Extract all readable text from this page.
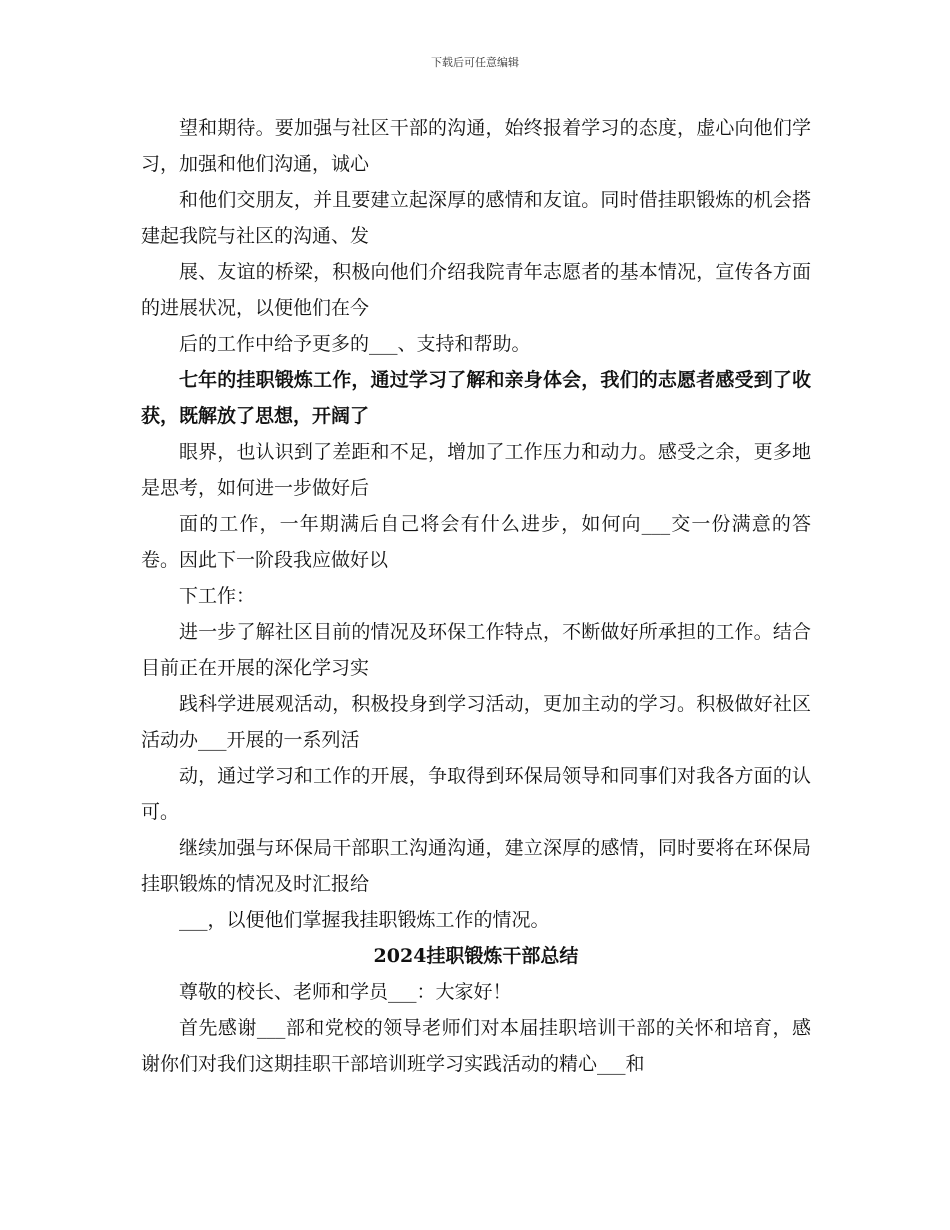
下载后可任意编辑

望和期待。要加强与社区干部的沟通，始终报着学习的态度，虚心向他们学习，加强和他们沟通，诚心

和他们交朋友，并且要建立起深厚的感情和友谊。同时借挂职锻炼的机会搭建起我院与社区的沟通、发

展、友谊的桥梁，积极向他们介绍我院青年志愿者的基本情况，宣传各方面的进展状况，以便他们在今

后的工作中给予更多的___、支持和帮助。

七年的挂职锻炼工作，通过学习了解和亲身体会，我们的志愿者感受到了收获，既解放了思想，开阔了

眼界，也认识到了差距和不足，增加了工作压力和动力。感受之余，更多地是思考，如何进一步做好后

面的工作，一年期满后自己将会有什么进步，如何向___交一份满意的答卷。因此下一阶段我应做好以

下工作：

进一步了解社区目前的情况及环保工作特点，不断做好所承担的工作。结合目前正在开展的深化学习实

践科学进展观活动，积极投身到学习活动，更加主动的学习。积极做好社区活动办___开展的一系列活

动，通过学习和工作的开展，争取得到环保局领导和同事们对我各方面的认可。

继续加强与环保局干部职工沟通沟通，建立深厚的感情，同时要将在环保局挂职锻炼的情况及时汇报给

___，以便他们掌握我挂职锻炼工作的情况。

2024挂职锻炼干部总结

尊敬的校长、老师和学员___：大家好！

首先感谢___部和党校的领导老师们对本届挂职培训干部的关怀和培育，感谢你们对我们这期挂职干部培训班学习实践活动的精心___和
